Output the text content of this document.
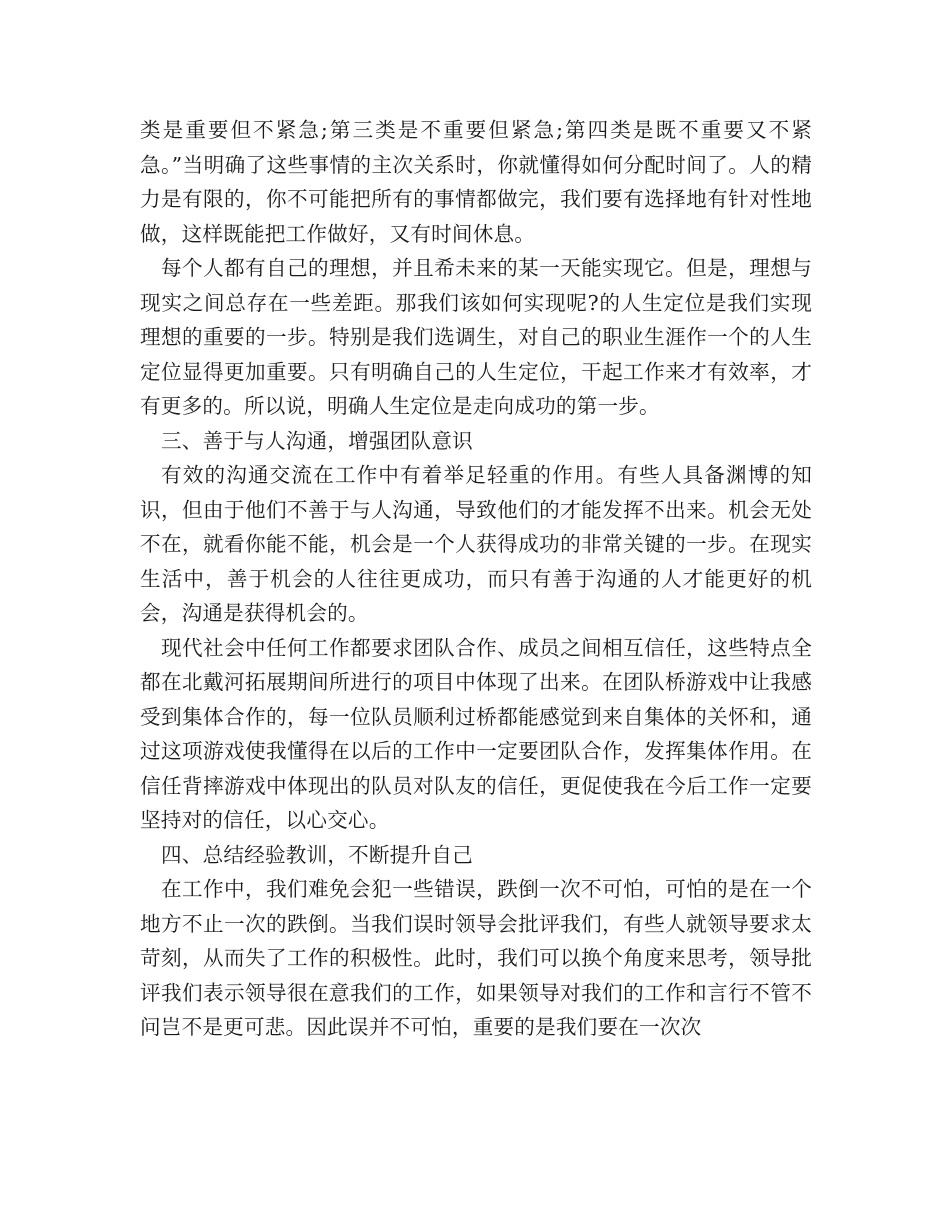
类是重要但不紧急;第三类是不重要但紧急;第四类是既不重要又不紧急。”当明确了这些事情的主次关系时，你就懂得如何分配时间了。人的精力是有限的，你不可能把所有的事情都做完，我们要有选择地有针对性地做，这样既能把工作做好，又有时间休息。

每个人都有自己的理想，并且希未来的某一天能实现它。但是，理想与现实之间总存在一些差距。那我们该如何实现呢?的人生定位是我们实现理想的重要的一步。特别是我们选调生，对自己的职业生涯作一个的人生定位显得更加重要。只有明确自己的人生定位，干起工作来才有效率，才有更多的。所以说，明确人生定位是走向成功的第一步。

三、善于与人沟通，增强团队意识

有效的沟通交流在工作中有着举足轻重的作用。有些人具备渊博的知识，但由于他们不善于与人沟通，导致他们的才能发挥不出来。机会无处不在，就看你能不能，机会是一个人获得成功的非常关键的一步。在现实生活中，善于机会的人往往更成功，而只有善于沟通的人才能更好的机会，沟通是获得机会的。

现代社会中任何工作都要求团队合作、成员之间相互信任，这些特点全都在北戴河拓展期间所进行的项目中体现了出来。在团队桥游戏中让我感受到集体合作的，每一位队员顺利过桥都能感觉到来自集体的关怀和，通过这项游戏使我懂得在以后的工作中一定要团队合作，发挥集体作用。在信任背摔游戏中体现出的队员对队友的信任，更促使我在今后工作一定要坚持对的信任，以心交心。

四、总结经验教训，不断提升自己

在工作中，我们难免会犯一些错误，跌倒一次不可怕，可怕的是在一个地方不止一次的跌倒。当我们误时领导会批评我们，有些人就领导要求太苛刻，从而失了工作的积极性。此时，我们可以换个角度来思考，领导批评我们表示领导很在意我们的工作，如果领导对我们的工作和言行不管不问岂不是更可悲。因此误并不可怕，重要的是我们要在一次次
